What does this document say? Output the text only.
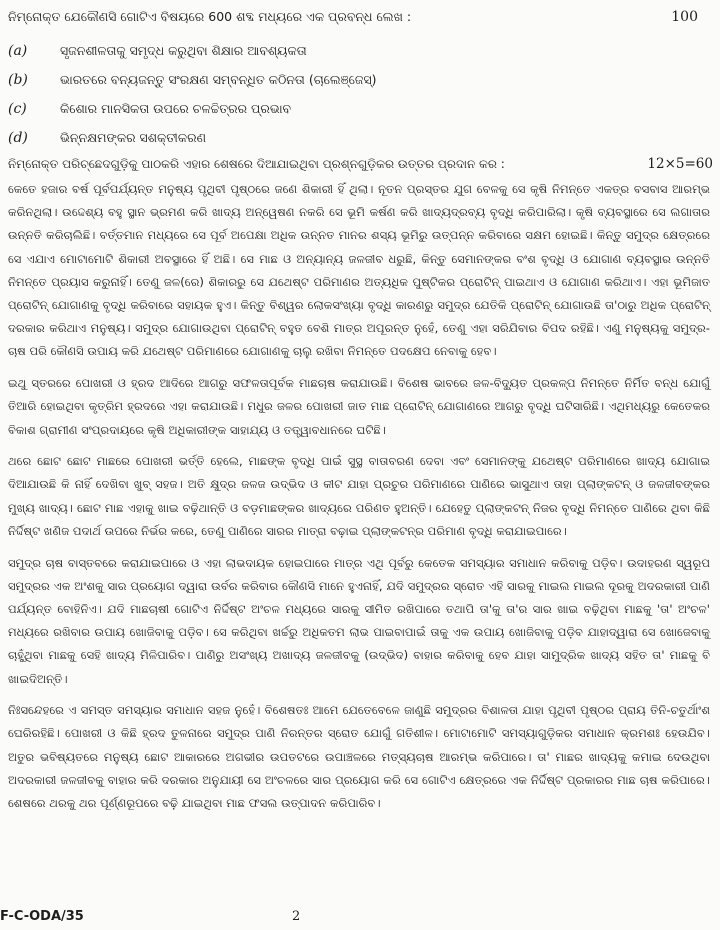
ନିମ୍ନୋକ୍ତ ଯେକୌଣସି ଗୋଟିଏ ବିଷୟରେ 600 ଶବ୍ଦ ମଧ୍ୟରେ ଏକ ପ୍ରବନ୍ଧ ଲେଖ :	100
(a)	ସୃଜନଶୀଳତାକୁ ସମୃଦ୍ଧ କରୁଥିବା ଶିକ୍ଷାର ଆବଶ୍ୟକତା
(b)	ଭାରତରେ ବନ୍ୟଜନ୍ତୁ ସଂରକ୍ଷଣ ସମ୍ବନ୍ଧିତ କଠିନତା (ଚାଲେଞ୍ଜେସ୍)
(c)	କିଶୋର ମାନସିକତା ଉପରେ ଚଳଚ୍ଚିତ୍ରର ପ୍ରଭାବ
(d)	ଭିନ୍ନକ୍ଷମଙ୍କର ସଶକ୍ତୀକରଣ
ନିମ୍ନୋକ୍ତ ପରିଚ୍ଛେଦଗୁଡ଼ିକୁ ପାଠକରି ଏହାର ଶେଷରେ ଦିଆଯାଇଥିବା ପ୍ରଶ୍ନଗୁଡ଼ିକର ଉତ୍ତର ପ୍ରଦାନ କର :	12×5=60

କେତେ ହଜାର ବର୍ଷ ପୂର୍ବପର୍ଯ୍ୟନ୍ତ ମନୁଷ୍ୟ ପୃଥିବୀ ପୃଷ୍ଠରେ ଜଣେ ଶିକାରୀ ହିଁ ଥିଲା। ନୂତନ ପ୍ରସ୍ତର ଯୁଗ ବେଳକୁ ସେ କୃଷି ନିମନ୍ତେ ଏକତ୍ର ବସବାସ ଆରମ୍ଭ କରିନଥିଲା। ଉଦ୍ଦେଶ୍ୟ ବହୁ ସ୍ଥାନ ଭ୍ରମଣ କରି ଖାଦ୍ୟ ଅନ୍ୱେଷଣ ନକରି ସେ ଭୂମି କର୍ଷଣ କରି ଖାଦ୍ୟଦ୍ରବ୍ୟ ବୃଦ୍ଧି କରିପାରିଲା। କୃଷି ବ୍ୟବସ୍ଥାରେ ସେ ଲଗାତାର ଉନ୍ନତି କରିଚାଲିଛି। ବର୍ତ୍ତମାନ ମଧ୍ୟରେ ସେ ପୂର୍ବ ଅପେକ୍ଷା ଅଧିକ ଉନ୍ନତ ମାନର ଶସ୍ୟ ଭୂମିରୁ ଉତ୍ପନ୍ନ କରିବାରେ ସକ୍ଷମ ହୋଇଛି। କିନ୍ତୁ ସମୁଦ୍ର କ୍ଷେତ୍ରରେ ସେ ଏଯାଏ ମୋଟାମୋଟି ଶିକାରୀ ଅବସ୍ଥାରେ ହିଁ ଅଛି। ସେ ମାଛ ଓ ଅନ୍ୟାନ୍ୟ ଜଳଜୀବ ଧରୁଛି, କିନ୍ତୁ ସେମାନଙ୍କର ବଂଶ ବୃଦ୍ଧି ଓ ଯୋଗାଣ ବ୍ୟବସ୍ଥାର ଉନ୍ନତି ନିମନ୍ତେ ପ୍ରୟାସ କରୁନାହିଁ। ତେଣୁ ଜଳ(ରେ) ଶିକାରରୁ ସେ ଯଥେଷ୍ଟ ପରିମାଣର ଅତ୍ୟଧିକ ପୁଷ୍ଟିକର ପ୍ରୋଟିନ୍ ପାଇଥାଏ ଓ ଯୋଗାଣ କରିଥାଏ। ଏହା ଭୂମିଜାତ ପ୍ରୋଟିନ୍ ଯୋଗାଣକୁ ବୃଦ୍ଧି କରିବାରେ ସହାୟକ ହୁଏ। କିନ୍ତୁ ବିଶ୍ୱର ଲୋକସଂଖ୍ୟା ବୃଦ୍ଧି କାରଣରୁ ସମୁଦ୍ର ଯେତିକି ପ୍ରୋଟିନ୍ ଯୋଗାଉଛି ତା'ଠାରୁ ଅଧିକ ପ୍ରୋଟିନ୍ ଦରକାର କରିଥାଏ ମନୁଷ୍ୟ। ସମୁଦ୍ର ଯୋଗାଉଥିବା ପ୍ରୋଟିନ୍ ବହୁତ ବେଶି ମାତ୍ର ଅପୂରନ୍ତ ନୁହେଁ, ତେଣୁ ଏହା ସରିଯିବାର ବିପଦ ରହିଛି। ଏଣୁ ମନୁଷ୍ୟକୁ ସମୁଦ୍ର-ଚାଷ ପରି କୌଣସି ଉପାୟ କରି ଯଥେଷ୍ଟ ପରିମାଣରେ ଯୋଗାଣକୁ ଚାଲୁ ରଖିବା ନିମନ୍ତେ ପଦକ୍ଷେପ ନେବାକୁ ହେବ।

ଇଥୁ ସ୍ତରରେ ପୋଖରୀ ଓ ହ୍ରଦ ଆଦିରେ ଆଗରୁ ସଫଳତାପୂର୍ବକ ମାଛଚାଷ କରାଯାଉଛି। ବିଶେଷ ଭାବରେ ଜଳ-ବିଦ୍ୟୁତ ପ୍ରକଳ୍ପ ନିମନ୍ତେ ନିର୍ମିତ ବନ୍ଧ ଯୋଗୁଁ ତିଆରି ହୋଇଥିବା କୃତ୍ରିମ ହ୍ରଦରେ ଏହା କରାଯାଉଛି। ମଧୁର ଜଳର ପୋଖରୀ ଜାତ ମାଛ ପ୍ରୋଟିନ୍ ଯୋଗାଣରେ ଆଗରୁ ବୃଦ୍ଧି ଘଟିସାରିଛି। ଏଥିମଧ୍ୟରୁ କେତେକର ବିକାଶ ଗ୍ରାମୀଣ ସଂପ୍ରଦାୟରେ କୃଷି ଅଧିକାରୀଙ୍କ ସାହାଯ୍ୟ ଓ ତତ୍ତ୍ୱାବଧାନରେ ଘଟିଛି।

ଥରେ ଛୋଟ ଛୋଟ ମାଛରେ ପୋଖରୀ ଭର୍ତ୍ତି ହେଲେ, ମାଛଙ୍କ ବୃଦ୍ଧି ପାଇଁ ସୁସ୍ଥ ବାତାବରଣ ଦେବା ଏବଂ ସେମାନଙ୍କୁ ଯଥେଷ୍ଟ ପରିମାଣରେ ଖାଦ୍ୟ ଯୋଗାଇ ଦିଆଯାଉଛି କି ନାହିଁ ଦେଖିବା ଖୁବ୍ ସହଜ। ଅତି କ୍ଷୁଦ୍ର ଜଳଜ ଉଦ୍ଭିଦ ଓ କୀଟ ଯାହା ପ୍ରଚୁର ପରିମାଣରେ ପାଣିରେ ଭାସୁଥାଏ ତାହା ପ୍ଲାଙ୍କଟନ୍ ଓ ଜଳଜୀବଙ୍କର ମୁଖ୍ୟ ଖାଦ୍ୟ। ଛୋଟ ମାଛ ଏହାକୁ ଖାଇ ବଢ଼ିଥାନ୍ତି ଓ ବଡ଼ମାଛଙ୍କର ଖାଦ୍ୟରେ ପରିଣତ ହୁଅନ୍ତି। ଯେହେତୁ ପ୍ଲାଙ୍କଟନ୍ ନିଜର ବୃଦ୍ଧି ନିମନ୍ତେ ପାଣିରେ ଥିବା କିଛି ନିର୍ଦ୍ଦିଷ୍ଟ ଖଣିଜ ପଦାର୍ଥ ଉପରେ ନିର୍ଭର କରେ, ତେଣୁ ପାଣିରେ ସାରର ମାତ୍ରା ବଢ଼ାଇ ପ୍ଲାଙ୍କଟନ୍‌ର ପରିମାଣ ବୃଦ୍ଧି କରାଯାଇପାରେ।

ସମୁଦ୍ର ଚାଷ ବାସ୍ତବରେ କରାଯାଇପାରେ ଓ ଏହା ଲାଭଦାୟକ ହୋଇପାରେ ମାତ୍ର ଏଥି ପୂର୍ବରୁ କେତେକ ସମସ୍ୟାର ସମାଧାନ କରିବାକୁ ପଡ଼ିବ। ଉଦାହରଣ ସ୍ୱରୂପ ସମୁଦ୍ରର ଏକ ଅଂଶକୁ ସାର ପ୍ରୟୋଗ ଦ୍ୱାରା ଉର୍ବର କରିବାର କୌଣସି ମାନେ ହୁଏନାହିଁ, ଯଦି ସମୁଦ୍ରର ସ୍ରୋତ ଏହି ସାରକୁ ମାଇଲ ମାଇଲ ଦୂରକୁ ଅଦରକାରୀ ପାଣି ପର୍ଯ୍ୟନ୍ତ ବୋହିନିଏ। ଯଦି ମାଛଚାଷୀ ଗୋଟିଏ ନିର୍ଦ୍ଦିଷ୍ଟ ଅଂଚଳ ମଧ୍ୟରେ ସାରକୁ ସୀମିତ ରଖିପାରେ ତଥାପି ତା'କୁ ତା'ର ସାର ଖାଇ ବଢ଼ିଥିବା ମାଛକୁ 'ତା' ଅଂଚଳ' ମଧ୍ୟରେ ରଖିବାର ଉପାୟ ଖୋଜିବାକୁ ପଡ଼ିବ। ସେ କରିଥିବା ଖର୍ଚ୍ଚରୁ ଅଧିକତମ ଲାଭ ପାଇବାପାଇଁ ତାକୁ ଏକ ଉପାୟ ଖୋଜିବାକୁ ପଡ଼ିବ ଯାହାଦ୍ୱାରା ସେ ଖୋଜେବାକୁ ଚାହୁଁଥିବା ମାଛକୁ ସେହି ଖାଦ୍ୟ ମିଳିପାରିବ। ପାଣିରୁ ଅସଂଖ୍ୟ ଅଖାଦ୍ୟ ଜଳଜୀବକୁ (ଉଦ୍ଭିଦ) ବାହାର କରିବାକୁ ହେବ ଯାହା ସାମୁଦ୍ରିକ ଖାଦ୍ୟ ସହିତ ତା' ମାଛକୁ ବି ଖାଇଦିଅନ୍ତି।

ନିଃସନ୍ଦେହରେ ଏ ସମସ୍ତ ସମସ୍ୟାର ସମାଧାନ ସହଜ ନୁହେଁ। ବିଶେଷତଃ ଆମେ ଯେତେବେଳେ ଜାଣୁଛି ସମୁଦ୍ରର ବିଶାଳତା ଯାହା ପୃଥିବୀ ପୃଷ୍ଠର ପ୍ରାୟ ତିନି-ଚତୁର୍ଥାଂଶ ଘେରିରହିଛି। ପୋଖରୀ ଓ କିଛି ହ୍ରଦ ତୁଳନାରେ ସମୁଦ୍ର ପାଣି ନିରନ୍ତର ସ୍ରୋତ ଯୋଗୁଁ ଗତିଶୀଳ। ମୋଟାମୋଟି ସମସ୍ୟାଗୁଡ଼ିକର ସମାଧାନ କ୍ରମଶଃ ହେଉଯିବ। ଅତୁର ଭବିଷ୍ୟତରେ ମନୁଷ୍ୟ ଛୋଟ ଆକାରରେ ଅଗଭୀର ଉପତଟରେ ଉପାଞ୍ଚଳରେ ମତ୍ସ୍ୟଚାଷ ଆରମ୍ଭ କରିପାରେ। ତା' ମାଛର ଖାଦ୍ୟକୁ କମାଇ ଦେଉଥିବା ଅଦରକାରୀ ଜଳଜୀବକୁ ବାହାର କରି ଦରକାର ଅନୁଯାୟୀ ସେ ଅଂଚଳରେ ସାର ପ୍ରୟୋଗ କରି ସେ ଗୋଟିଏ କ୍ଷେତ୍ରରେ ଏକ ନିର୍ଦ୍ଦିଷ୍ଟ ପ୍ରକାରର ମାଛ ଚାଷ କରିପାରେ। ଶେଷରେ ଥରକୁ ଥର ପୂର୍ଣ୍ଣରୂପରେ ବଢ଼ି ଯାଇଥିବା ମାଛ ଫସଲ ଉତ୍ପାଦନ କରିପାରିବ।

F-C-ODA/35	2
